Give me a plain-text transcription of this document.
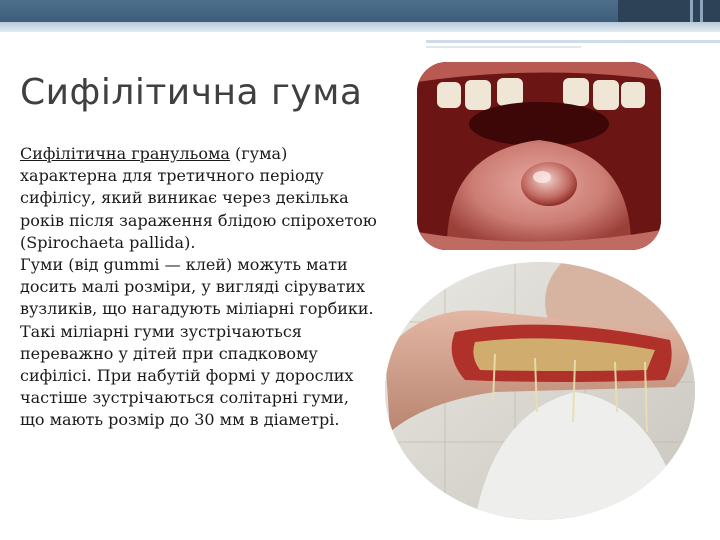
Сифілітична гума

Сифілітична гранульома (гума) характерна для третичного періоду сифілісу, який виникає через декілька років після зараження блідою спірохетою (Spirochaeta pallida).

Гуми (від gummi — клей) можуть мати досить малі розміри, у вигляді сіруватих вузликів, що нагадують міліарні горбики. Такі міліарні гуми зустрічаються переважно у дітей при спадковому сифілісі. При набутій формі у дорослих частіше зустрічаються солітарні гуми, що мають розмір до 30 мм в діаметрі.
